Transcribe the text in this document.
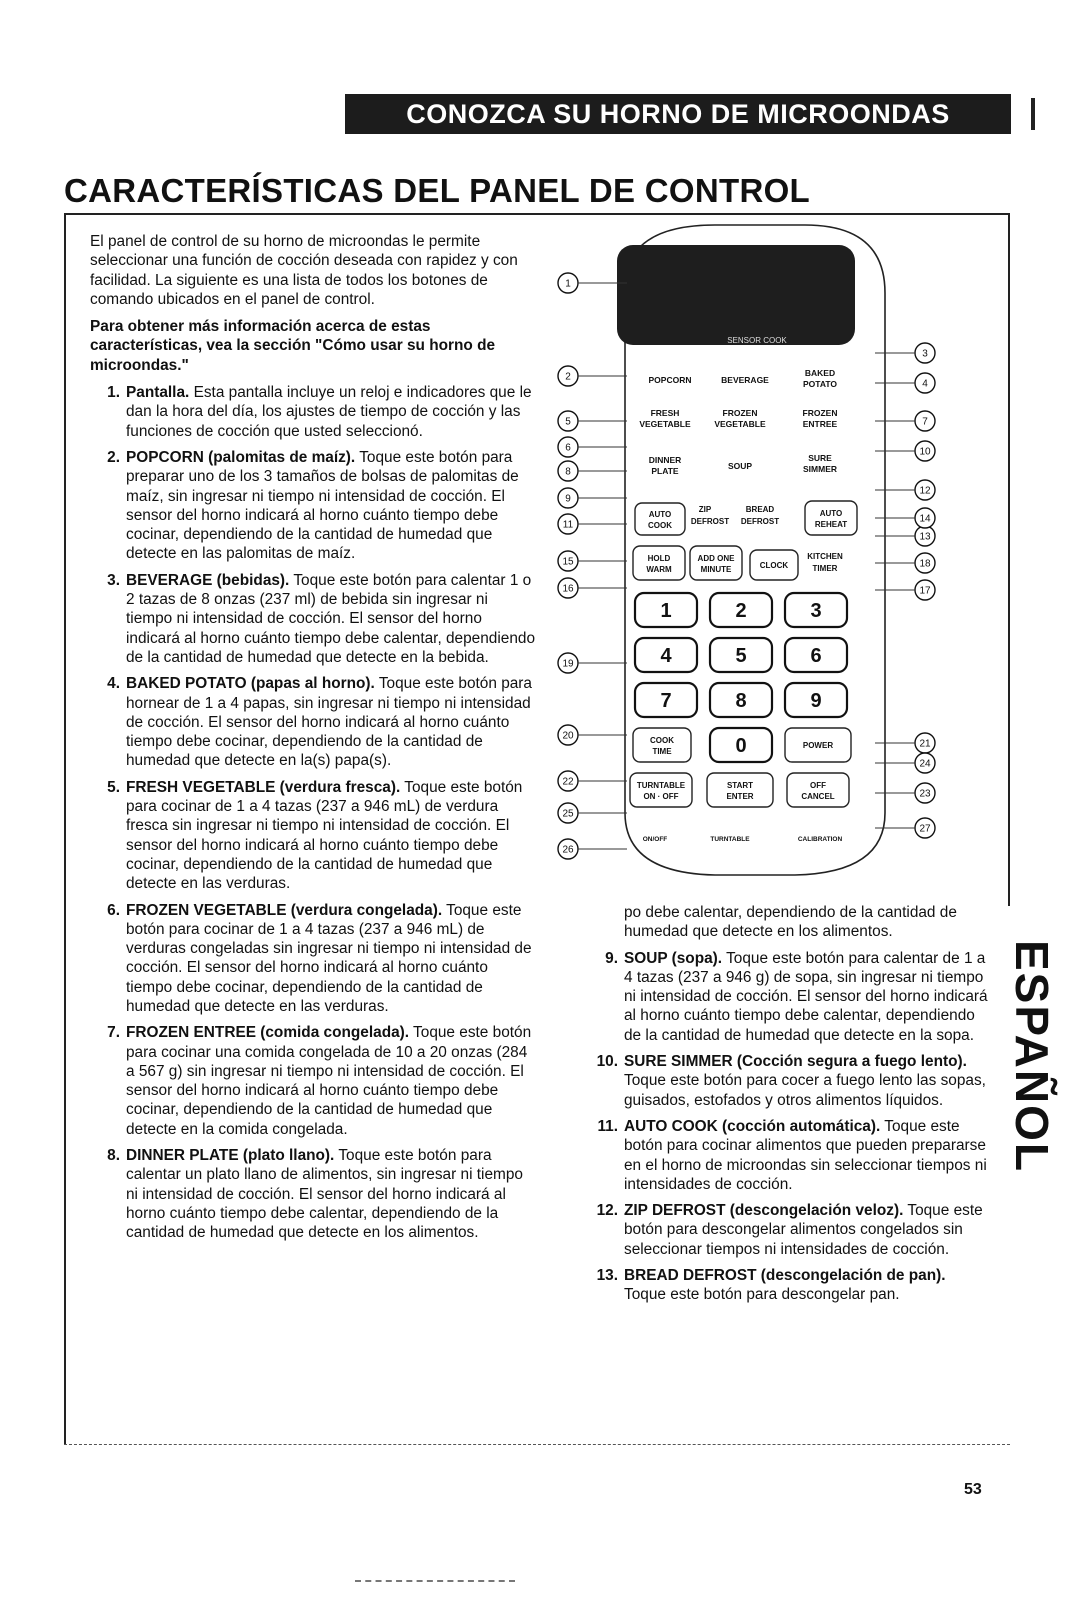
CONOZCA SU HORNO DE MICROONDAS
CARACTERÍSTICAS DEL PANEL DE CONTROL

El panel de control de su horno de microondas le permite seleccionar una función de cocción deseada con rapidez y con facilidad. La siguiente es una lista de todos los botones de comando ubicados en el panel de control.

Para obtener más información acerca de estas características, vea la sección "Cómo usar su horno de microondas."

1. Pantalla. Esta pantalla incluye un reloj e indicadores que le dan la hora del día, los ajustes de tiempo de cocción y las funciones de cocción que usted seleccionó.
2. POPCORN (palomitas de maíz). Toque este botón para preparar uno de los 3 tamaños de bolsas de palomitas de maíz, sin ingresar ni tiempo ni intensidad de cocción. El sensor del horno indicará al horno cuánto tiempo debe cocinar, dependiendo de la cantidad de humedad que detecte en las palomitas de maíz.
3. BEVERAGE (bebidas). Toque este botón para calentar 1 o 2 tazas de 8 onzas (237 ml) de bebida sin ingresar ni tiempo ni intensidad de cocción. El sensor del horno indicará al horno cuánto tiempo debe calentar, dependiendo de la cantidad de humedad que detecte en la bebida.
4. BAKED POTATO (papas al horno). Toque este botón para hornear de 1 a 4 papas, sin ingresar ni tiempo ni intensidad de cocción. El sensor del horno indicará al horno cuánto tiempo debe cocinar, dependiendo de la cantidad de humedad que detecte en la(s) papa(s).
5. FRESH VEGETABLE (verdura fresca). Toque este botón para cocinar de 1 a 4 tazas (237 a 946 mL) de verdura fresca sin ingresar ni tiempo ni intensidad de cocción. El sensor del horno indicará al horno cuánto tiempo debe cocinar, dependiendo de la cantidad de humedad que detecte en las verduras.
6. FROZEN VEGETABLE (verdura congelada). Toque este botón para cocinar de 1 a 4 tazas (237 a 946 mL) de verduras congeladas sin ingresar ni tiempo ni intensidad de cocción. El sensor del horno indicará al horno cuánto tiempo debe cocinar, dependiendo de la cantidad de humedad que detecte en las verduras.
7. FROZEN ENTREE (comida congelada). Toque este botón para cocinar una comida congelada de 10 a 20 onzas (284 a 567 g) sin ingresar ni tiempo ni intensidad de cocción. El sensor del horno indicará al horno cuánto tiempo debe cocinar, dependiendo de la cantidad de humedad que detecte en la comida congelada.
8. DINNER PLATE (plato llano). Toque este botón para calentar un plato llano de alimentos, sin ingresar ni tiempo ni intensidad de cocción. El sensor del horno indicará al horno cuánto tiempo debe calentar, dependiendo de la cantidad de humedad que detecte en los alimentos.
po debe calentar, dependiendo de la cantidad de humedad que detecte en los alimentos.
9. SOUP (sopa). Toque este botón para calentar de 1 a 4 tazas (237 a 946 g) de sopa, sin ingresar ni tiempo ni intensidad de cocción. El sensor del horno indicará al horno cuánto tiempo debe calentar, dependiendo de la cantidad de humedad que detecte en la sopa.
10. SURE SIMMER (Cocción segura a fuego lento). Toque este botón para cocer a fuego lento las sopas, guisados, estofados y otros alimentos líquidos.
11. AUTO COOK (cocción automática). Toque este botón para cocinar alimentos que pueden prepararse en el horno de microondas sin seleccionar tiempos ni intensidades de cocción.
12. ZIP DEFROST (descongelación veloz). Toque este botón para descongelar alimentos congelados sin seleccionar tiempos ni intensidades de cocción.
13. BREAD DEFROST (descongelación de pan). Toque este botón para descongelar pan.
SENSOR COOK
POPCORN	BEVERAGE
BAKED
POTATO
FRESH
VEGETABLE
FROZEN
VEGETABLE
FROZEN
ENTREE
DINNER
PLATE	SOUP
SURE
SIMMER
AUTO
COOK
ZIP
DEFROST
BREAD
DEFROST
AUTO
REHEAT
HOLD
WARM
ADD ONE
MINUTE	CLOCK
KITCHEN
TIMER
1	2	3
4	5	6
7	8	9
0
COOK
TIME
POWER
TURNTABLE
ON · OFF
START
ENTER
OFF
CANCEL
ON/OFF	TURNTABLE	CALIBRATION
1
2
3
4
5
6
7
8
9
10
11
12
13
14
15
16	17
18
19
20
21
22
23
24
25
26
27
ESPAÑOL
53
